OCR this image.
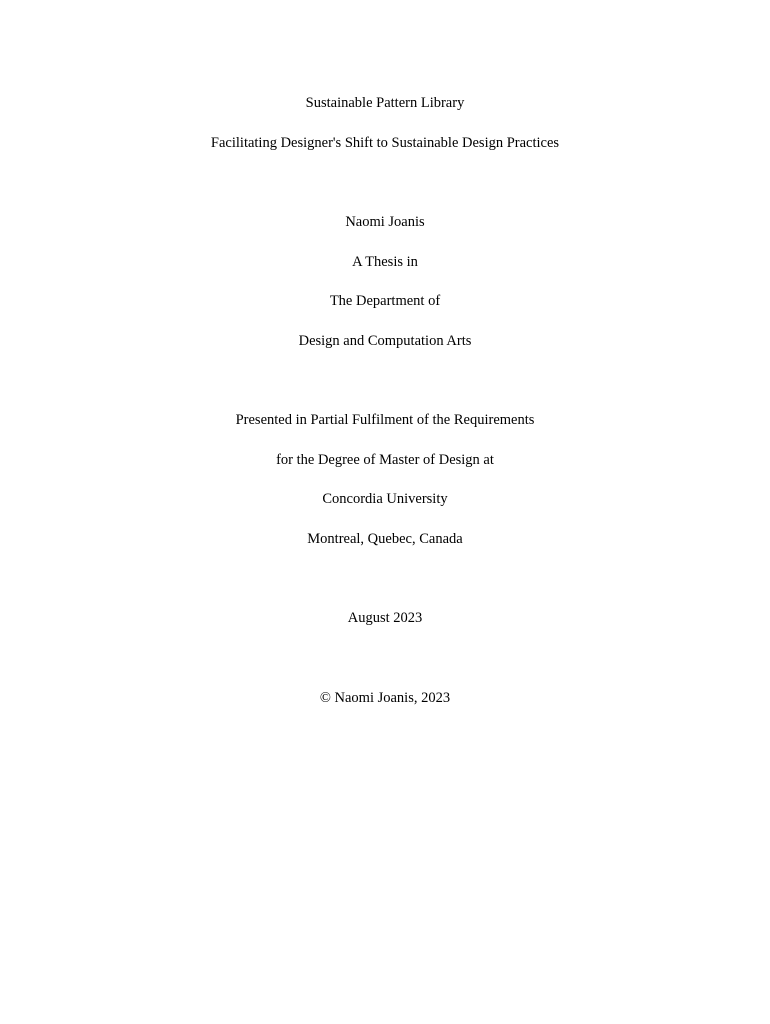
Sustainable Pattern Library
Facilitating Designer's Shift to Sustainable Design Practices
Naomi Joanis
A Thesis in
The Department of
Design and Computation Arts
Presented in Partial Fulfilment of the Requirements
for the Degree of Master of Design at
Concordia University
Montreal, Quebec, Canada
August 2023
© Naomi Joanis, 2023
